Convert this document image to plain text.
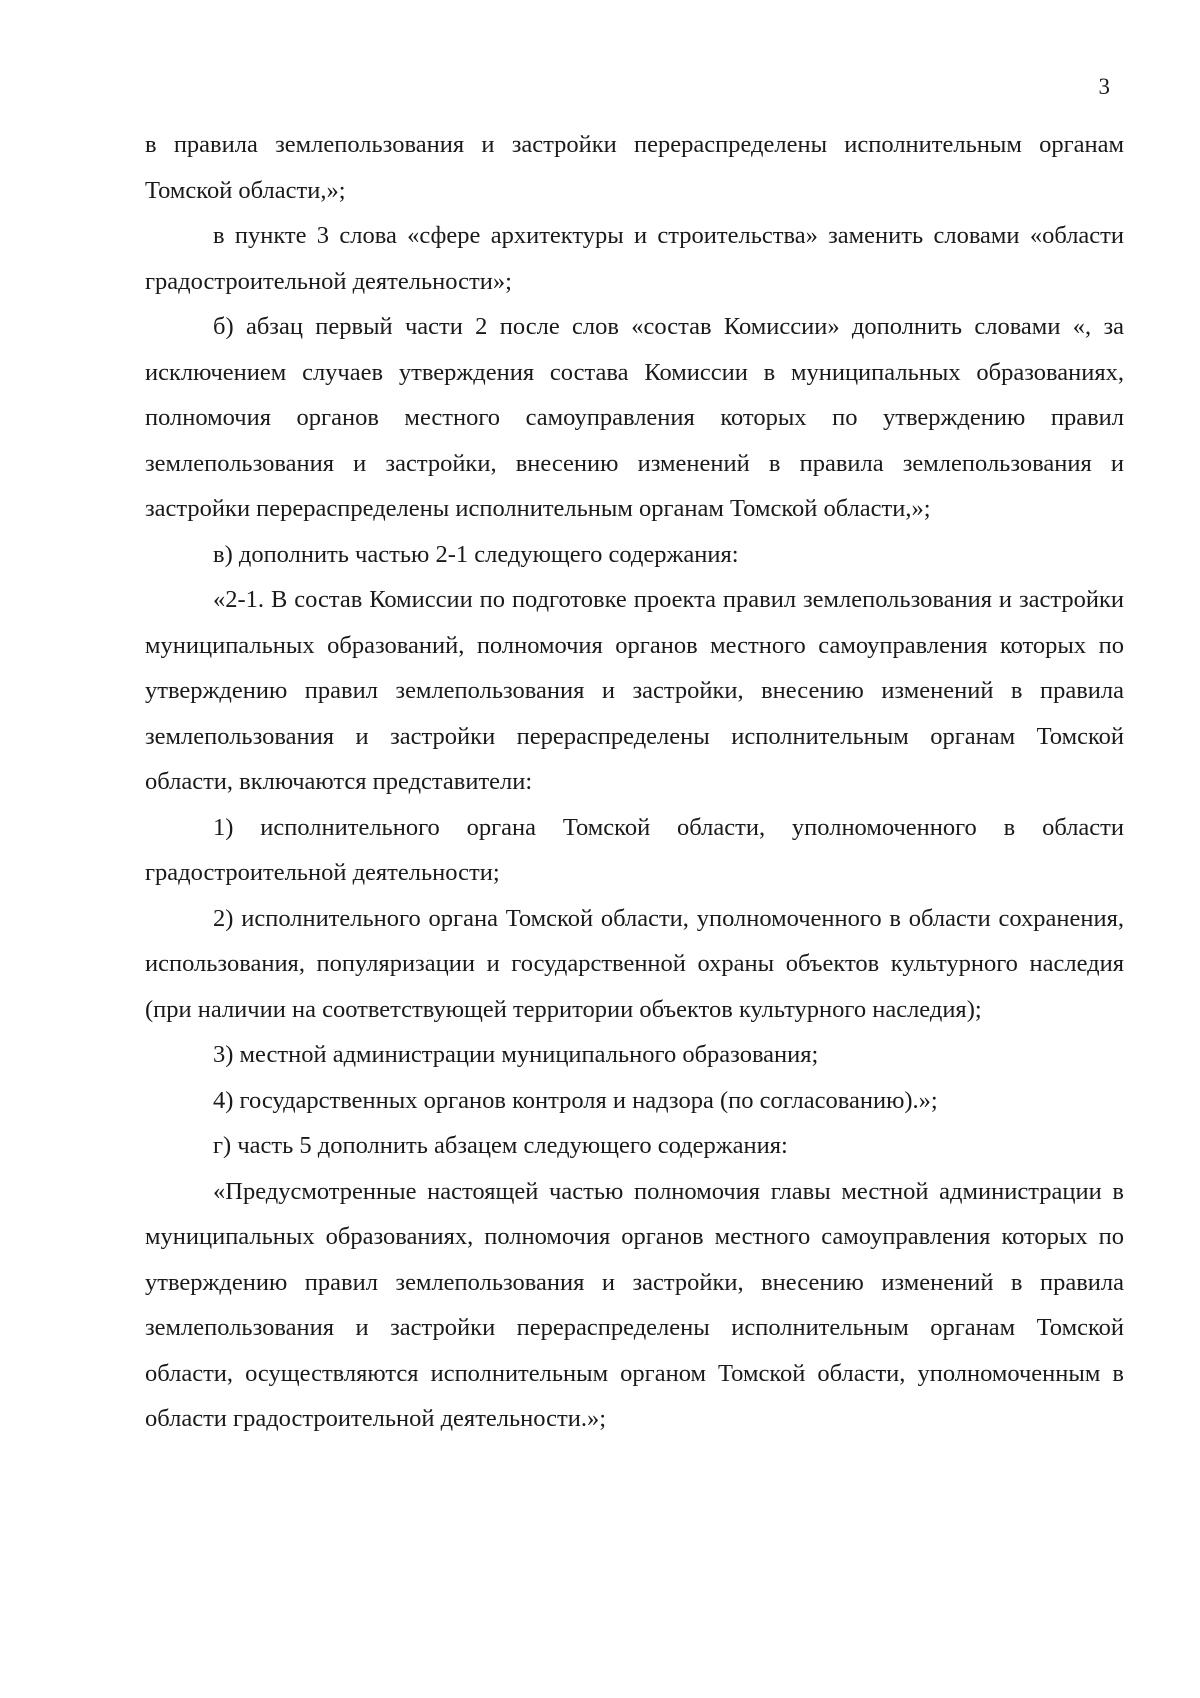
3

в правила землепользования и застройки перераспределены исполнительным органам Томской области,»;

в пункте 3 слова «сфере архитектуры и строительства» заменить словами «области градостроительной деятельности»;

б) абзац первый части 2 после слов «состав Комиссии» дополнить словами «, за исключением случаев утверждения состава Комиссии в муниципальных образованиях, полномочия органов местного самоуправления которых по утверждению правил землепользования и застройки, внесению изменений в правила землепользования и застройки перераспределены исполнительным органам Томской области,»;

в) дополнить частью 2-1 следующего содержания:

«2-1. В состав Комиссии по подготовке проекта правил землепользования и застройки муниципальных образований, полномочия органов местного самоуправления которых по утверждению правил землепользования и застройки, внесению изменений в правила землепользования и застройки перераспределены исполнительным органам Томской области, включаются представители:

1) исполнительного органа Томской области, уполномоченного в области градостроительной деятельности;

2) исполнительного органа Томской области, уполномоченного в области сохранения, использования, популяризации и государственной охраны объектов культурного наследия (при наличии на соответствующей территории объектов культурного наследия);

3) местной администрации муниципального образования;

4) государственных органов контроля и надзора (по согласованию).»;

г) часть 5 дополнить абзацем следующего содержания:

«Предусмотренные настоящей частью полномочия главы местной администрации в муниципальных образованиях, полномочия органов местного самоуправления которых по утверждению правил землепользования и застройки, внесению изменений в правила землепользования и застройки перераспределены исполнительным органам Томской области, осуществляются исполнительным органом Томской области, уполномоченным в области градостроительной деятельности.»;
